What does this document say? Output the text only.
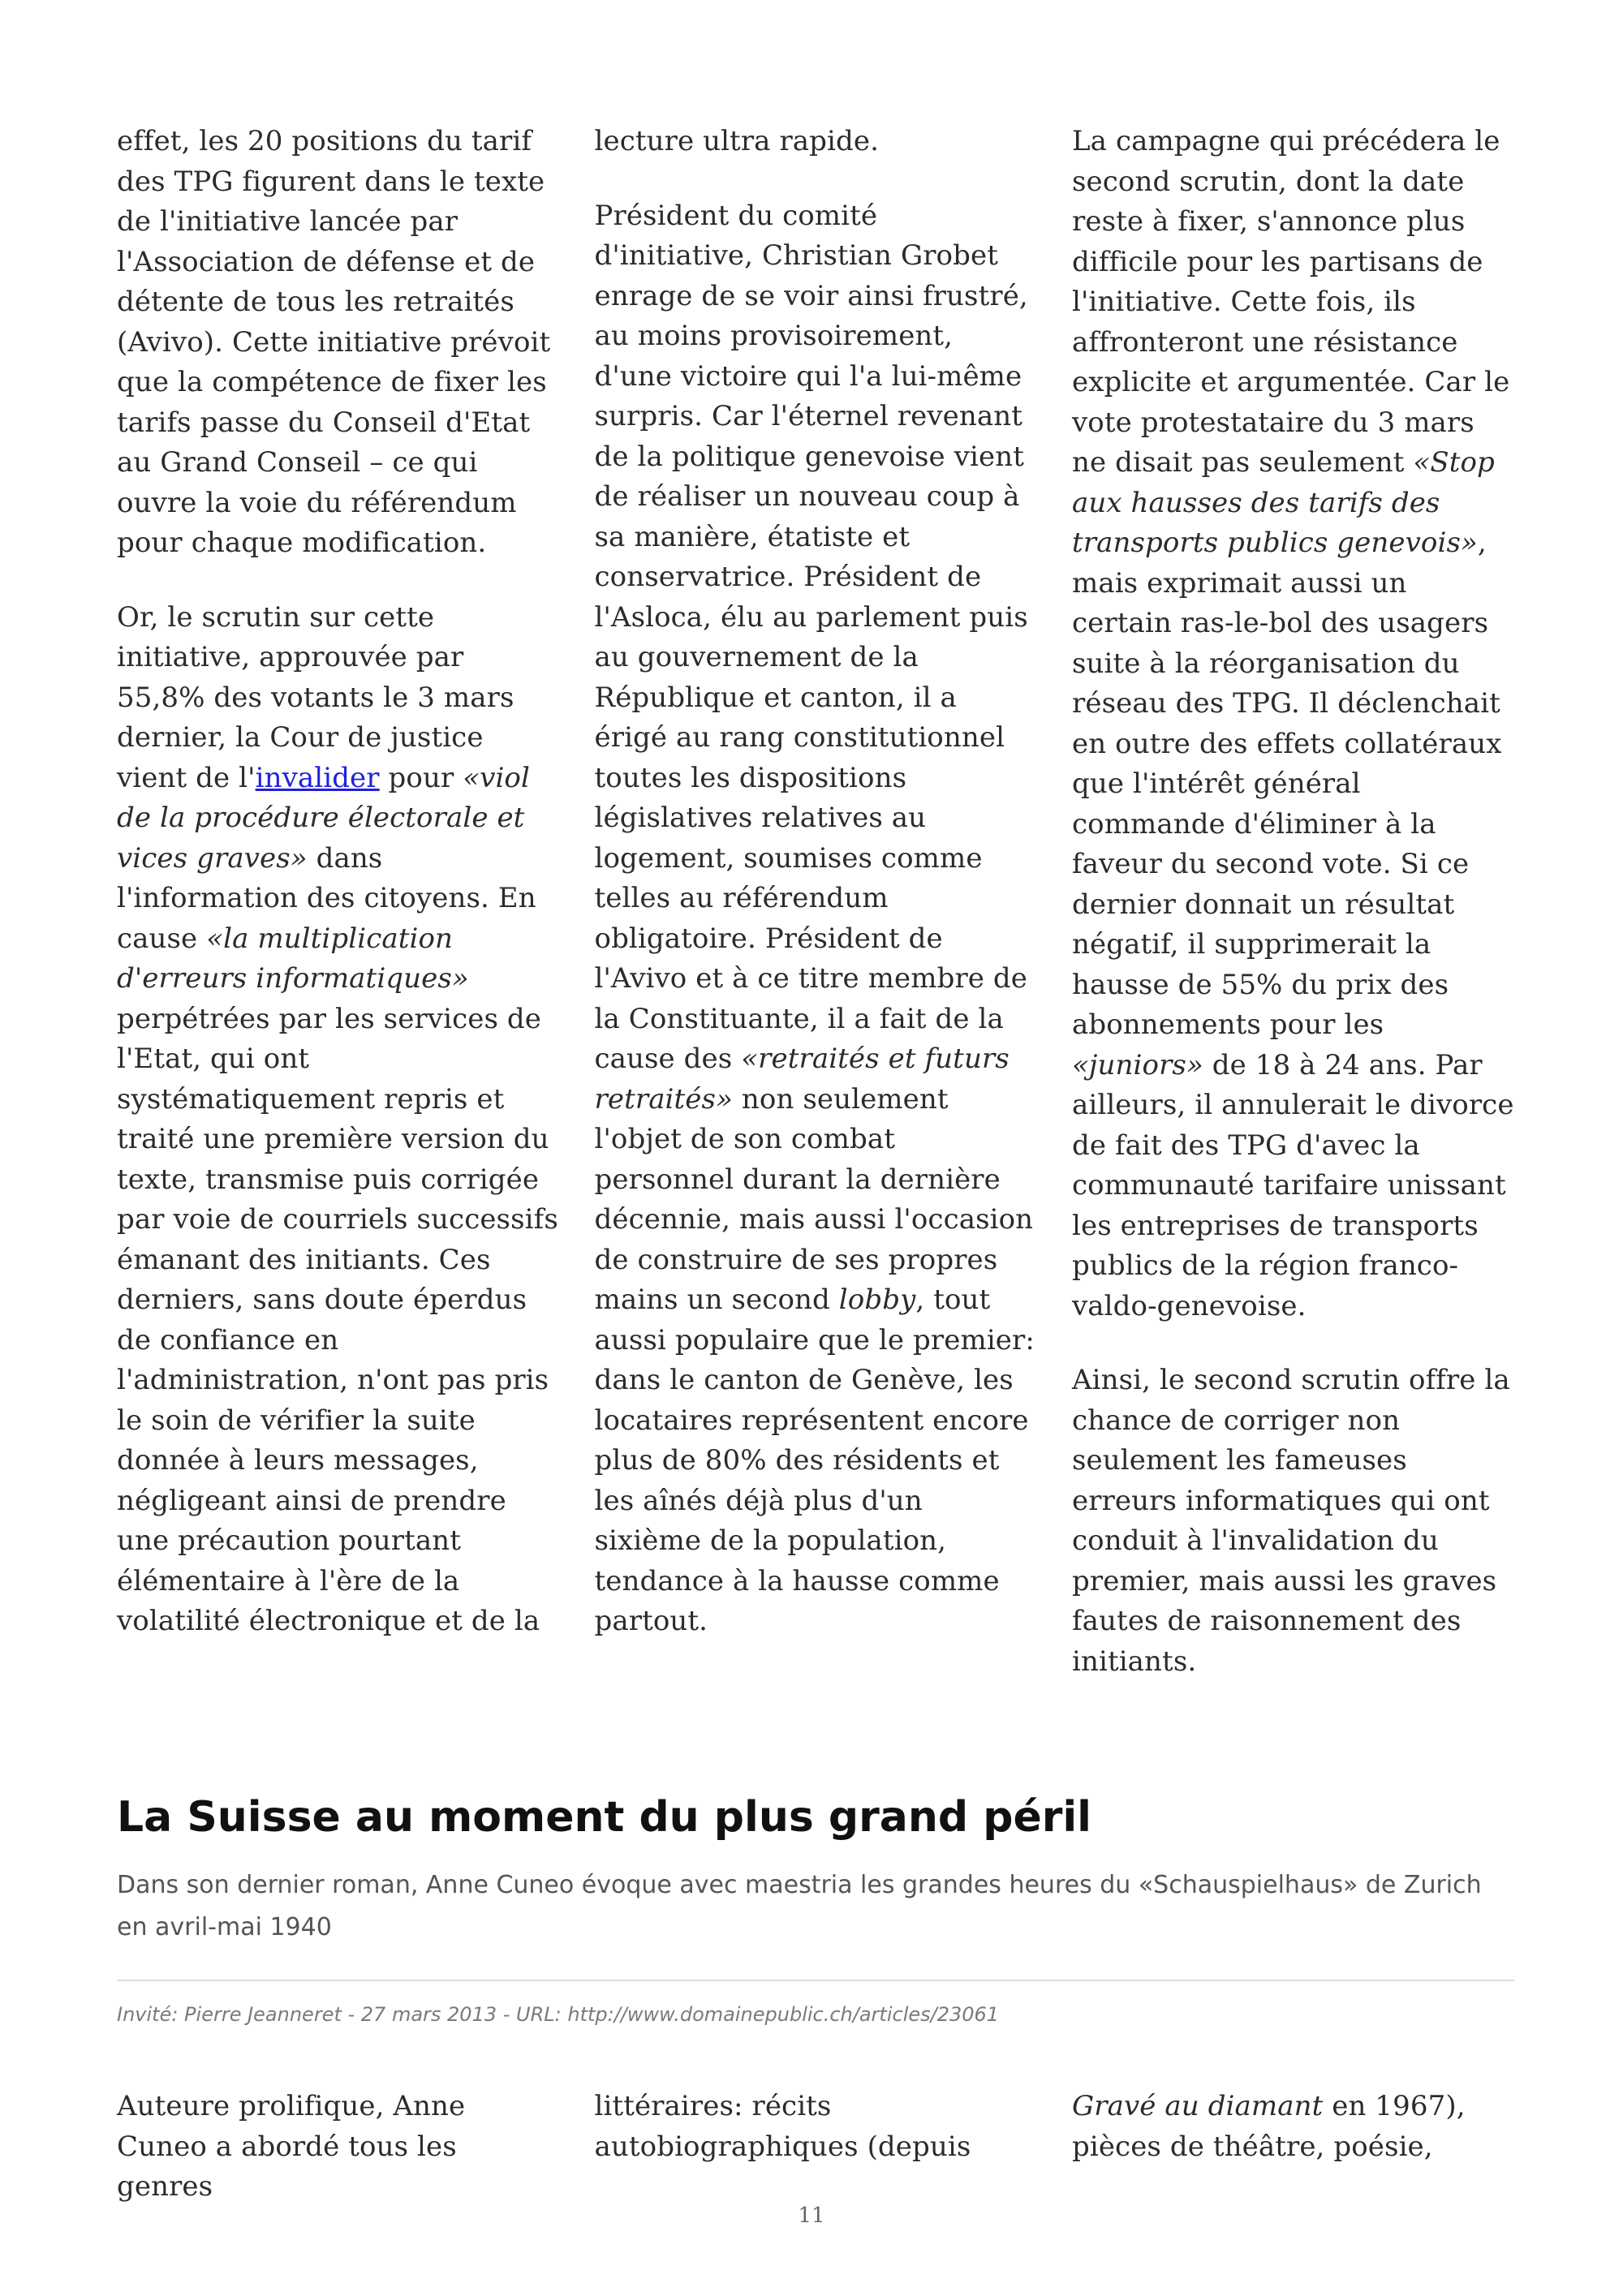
effet, les 20 positions du tarif des TPG figurent dans le texte de l'initiative lancée par l'Association de défense et de détente de tous les retraités (Avivo). Cette initiative prévoit que la compétence de fixer les tarifs passe du Conseil d'Etat au Grand Conseil – ce qui ouvre la voie du référendum pour chaque modification.

Or, le scrutin sur cette initiative, approuvée par 55,8% des votants le 3 mars dernier, la Cour de justice vient de l'invalider pour «viol de la procédure électorale et vices graves» dans l'information des citoyens. En cause «la multiplication d'erreurs informatiques» perpétrées par les services de l'Etat, qui ont systématiquement repris et traité une première version du texte, transmise puis corrigée par voie de courriels successifs émanant des initiants. Ces derniers, sans doute éperdus de confiance en l'administration, n'ont pas pris le soin de vérifier la suite donnée à leurs messages, négligeant ainsi de prendre une précaution pourtant élémentaire à l'ère de la volatilité électronique et de la

lecture ultra rapide.

Président du comité d'initiative, Christian Grobet enrage de se voir ainsi frustré, au moins provisoirement, d'une victoire qui l'a lui-même surpris. Car l'éternel revenant de la politique genevoise vient de réaliser un nouveau coup à sa manière, étatiste et conservatrice. Président de l'Asloca, élu au parlement puis au gouvernement de la République et canton, il a érigé au rang constitutionnel toutes les dispositions législatives relatives au logement, soumises comme telles au référendum obligatoire. Président de l'Avivo et à ce titre membre de la Constituante, il a fait de la cause des «retraités et futurs retraités» non seulement l'objet de son combat personnel durant la dernière décennie, mais aussi l'occasion de construire de ses propres mains un second lobby, tout aussi populaire que le premier: dans le canton de Genève, les locataires représentent encore plus de 80% des résidents et les aînés déjà plus d'un sixième de la population, tendance à la hausse comme partout.

La campagne qui précédera le second scrutin, dont la date reste à fixer, s'annonce plus difficile pour les partisans de l'initiative. Cette fois, ils affronteront une résistance explicite et argumentée. Car le vote protestataire du 3 mars ne disait pas seulement «Stop aux hausses des tarifs des transports publics genevois», mais exprimait aussi un certain ras-le-bol des usagers suite à la réorganisation du réseau des TPG. Il déclenchait en outre des effets collatéraux que l'intérêt général commande d'éliminer à la faveur du second vote. Si ce dernier donnait un résultat négatif, il supprimerait la hausse de 55% du prix des abonnements pour les «juniors» de 18 à 24 ans. Par ailleurs, il annulerait le divorce de fait des TPG d'avec la communauté tarifaire unissant les entreprises de transports publics de la région franco-valdo-genevoise.

Ainsi, le second scrutin offre la chance de corriger non seulement les fameuses erreurs informatiques qui ont conduit à l'invalidation du premier, mais aussi les graves fautes de raisonnement des initiants.

La Suisse au moment du plus grand péril

Dans son dernier roman, Anne Cuneo évoque avec maestria les grandes heures du «Schauspielhaus» de Zurich en avril-mai 1940

Invité: Pierre Jeanneret - 27 mars 2013 - URL: http://www.domainepublic.ch/articles/23061
Auteure prolifique, Anne Cuneo a abordé tous les genres
littéraires: récits autobiographiques (depuis
Gravé au diamant en 1967), pièces de théâtre, poésie,
11
